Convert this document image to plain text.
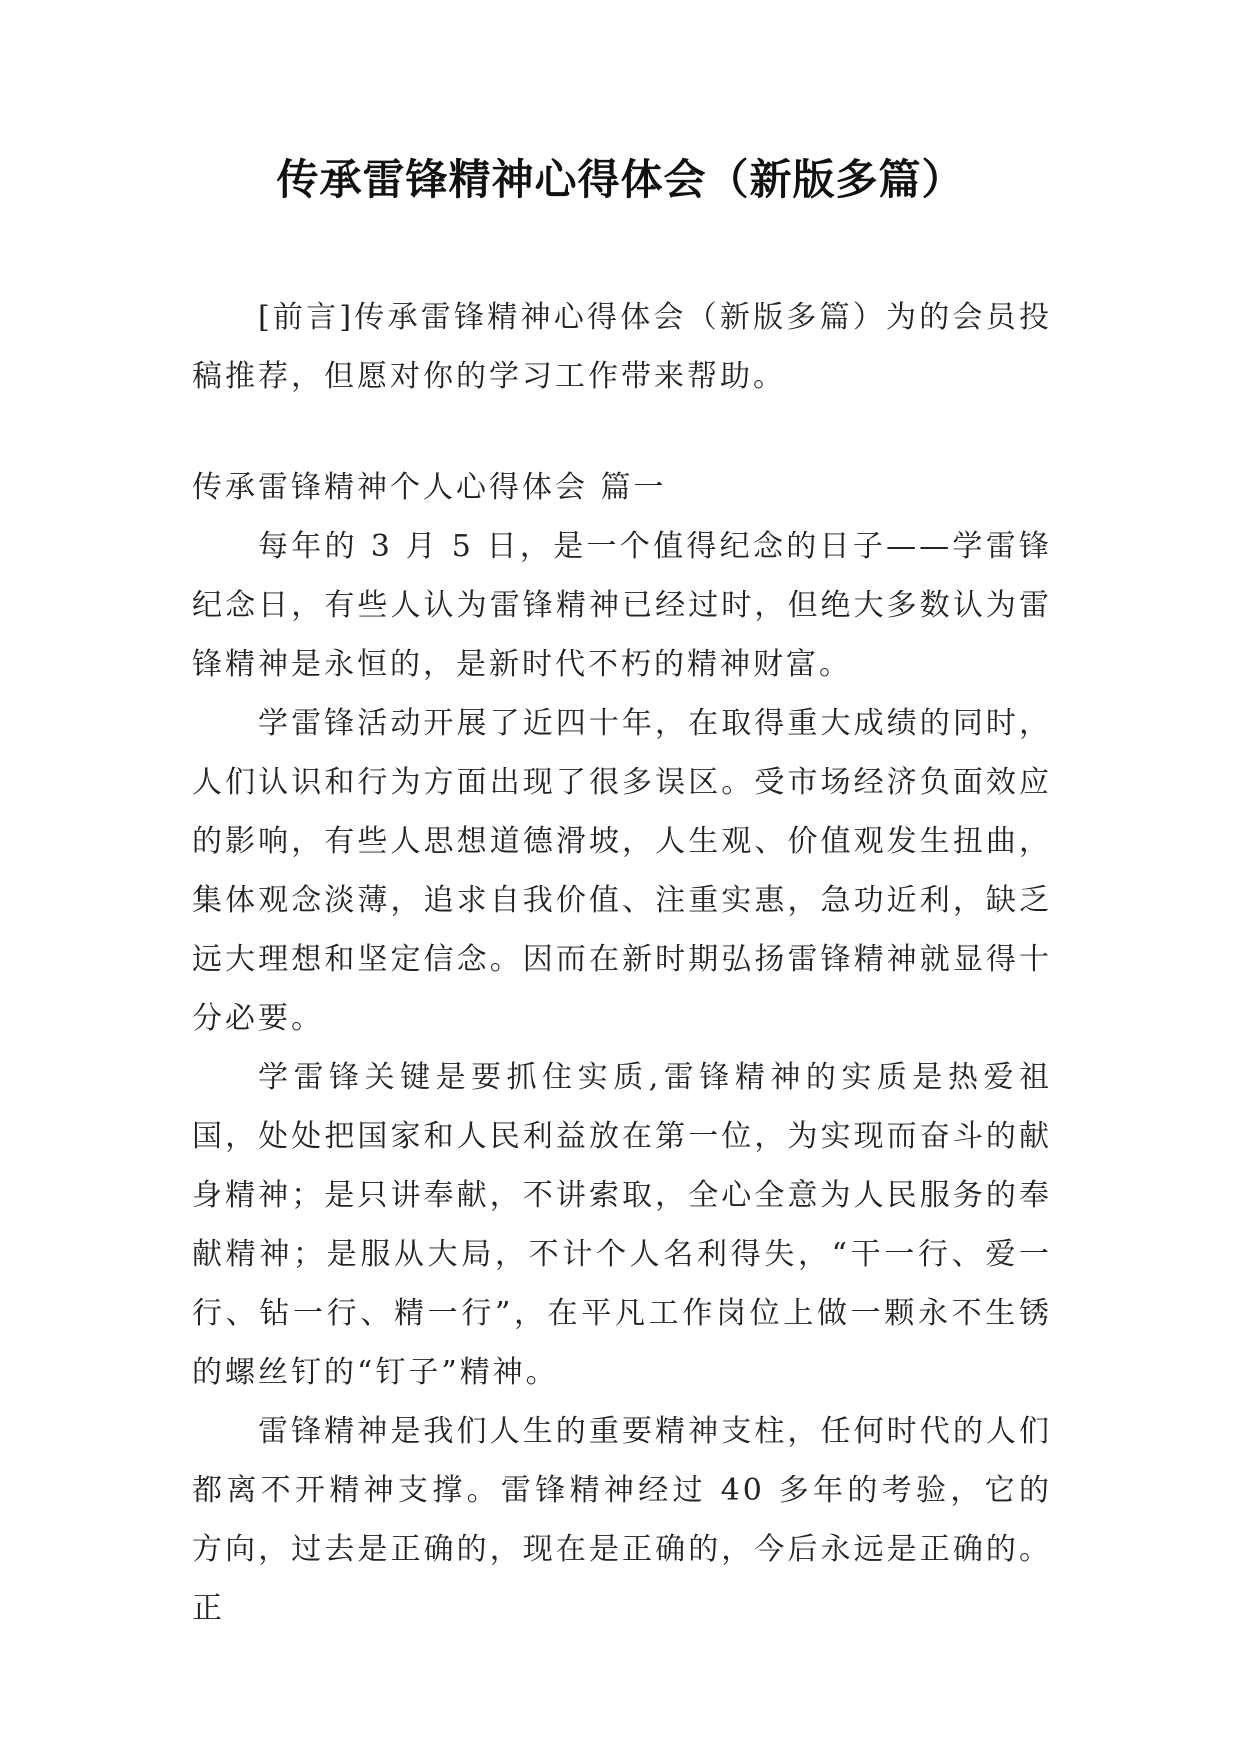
传承雷锋精神心得体会（新版多篇）

[前言]传承雷锋精神心得体会（新版多篇）为的会员投稿推荐，但愿对你的学习工作带来帮助。

传承雷锋精神个人心得体会 篇一

每年的 3 月 5 日，是一个值得纪念的日子——学雷锋纪念日，有些人认为雷锋精神已经过时，但绝大多数认为雷锋精神是永恒的，是新时代不朽的精神财富。

学雷锋活动开展了近四十年，在取得重大成绩的同时，人们认识和行为方面出现了很多误区。受市场经济负面效应的影响，有些人思想道德滑坡，人生观、价值观发生扭曲，集体观念淡薄，追求自我价值、注重实惠，急功近利，缺乏远大理想和坚定信念。因而在新时期弘扬雷锋精神就显得十分必要。

学雷锋关键是要抓住实质,雷锋精神的实质是热爱祖国，处处把国家和人民利益放在第一位，为实现而奋斗的献身精神；是只讲奉献，不讲索取，全心全意为人民服务的奉献精神；是服从大局，不计个人名利得失，“干一行、爱一行、钻一行、精一行”，在平凡工作岗位上做一颗永不生锈的螺丝钉的“钉子”精神。

雷锋精神是我们人生的重要精神支柱，任何时代的人们都离不开精神支撑。雷锋精神经过 40 多年的考验，它的方向，过去是正确的，现在是正确的，今后永远是正确的。正
